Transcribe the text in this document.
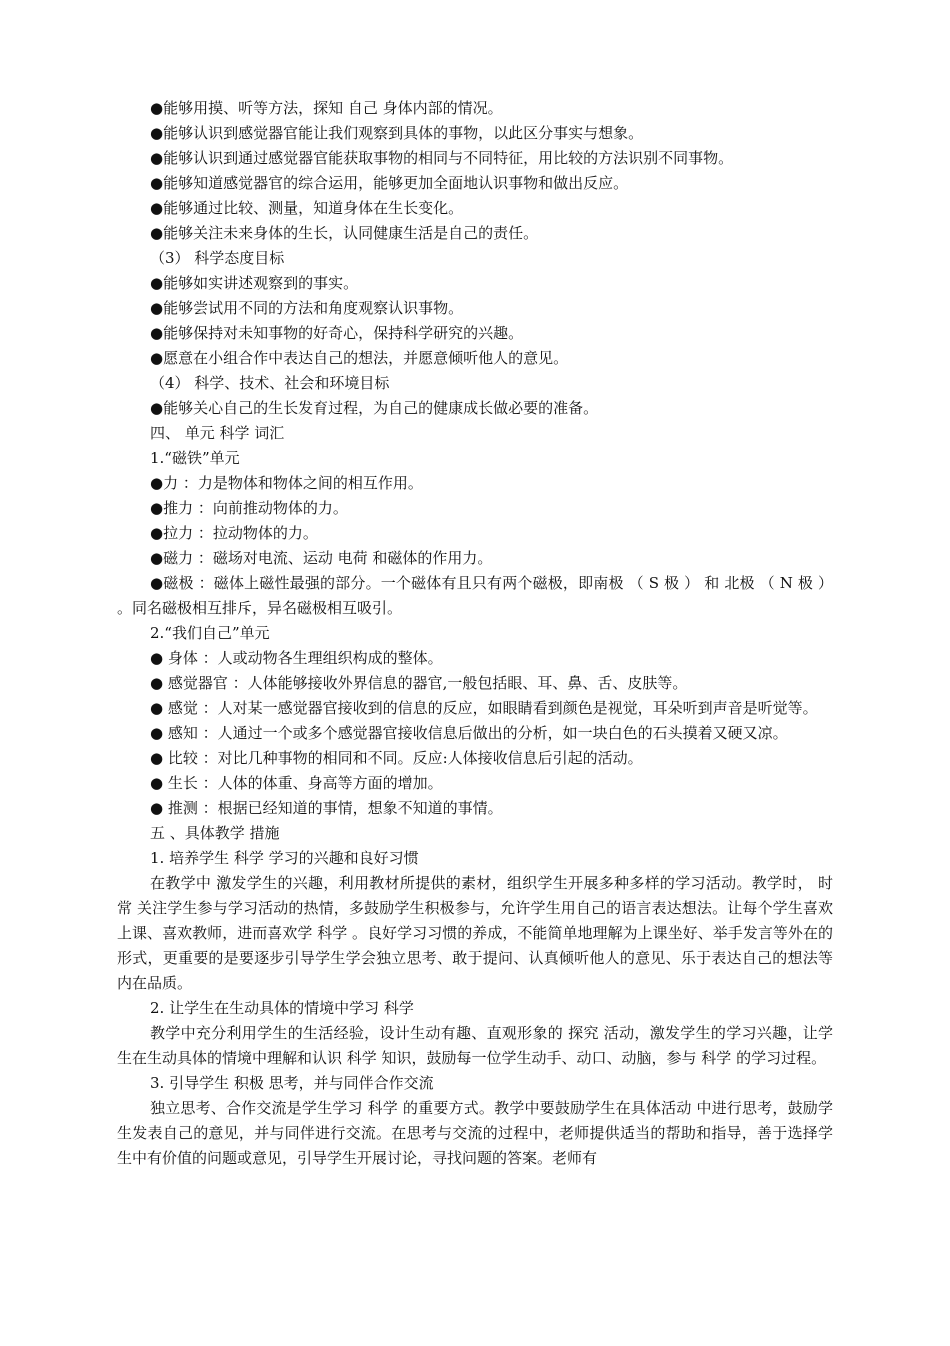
●能够用摸、听等方法，探知 自己 身体内部的情况。

●能够认识到感觉器官能让我们观察到具体的事物，以此区分事实与想象。

●能够认识到通过感觉器官能获取事物的相同与不同特征，用比较的方法识别不同事物。

●能够知道感觉器官的综合运用，能够更加全面地认识事物和做出反应。

●能够通过比较、测量，知道身体在生长变化。

●能够关注未来身体的生长，认同健康生活是自己的责任。

（3） 科学态度目标

●能够如实讲述观察到的事实。

●能够尝试用不同的方法和角度观察认识事物。

●能够保持对未知事物的好奇心，保持科学研究的兴趣。

●愿意在小组合作中表达自己的想法，并愿意倾听他人的意见。

（4） 科学、技术、社会和环境目标

●能够关心自己的生长发育过程，为自己的健康成长做必要的准备。

四、 单元 科学 词汇

1.“磁铁”单元

●力 ：力是物体和物体之间的相互作用。

●推力 ：向前推动物体的力。

●拉力 ：拉动物体的力。

●磁力 ：磁场对电流、运动 电荷 和磁体的作用力。

●磁极 ：磁体上磁性最强的部分。一个磁体有且只有两个磁极，即南极 （ S 极 ） 和 北极 （ N 极 ） 。同名磁极相互排斥，异名磁极相互吸引。

2.“我们自己”单元

● 身体 ：人或动物各生理组织构成的整体。

● 感觉器官 ：人体能够接收外界信息的器官,一般包括眼、耳、鼻、舌、皮肤等。

● 感觉 ：人对某一感觉器官接收到的信息的反应，如眼睛看到颜色是视觉，耳朵听到声音是听觉等。

● 感知 ：人通过一个或多个感觉器官接收信息后做出的分析，如一块白色的石头摸着又硬又凉。

● 比较 ：对比几种事物的相同和不同。反应:人体接收信息后引起的活动。

● 生长 ：人体的体重、身高等方面的增加。

● 推测 ：根据已经知道的事情，想象不知道的事情。

五 、具体教学 措施

1. 培养学生 科学 学习的兴趣和良好习惯

在教学中 激发学生的兴趣，利用教材所提供的素材，组织学生开展多种多样的学习活动。教学时， 时常 关注学生参与学习活动的热情，多鼓励学生积极参与，允许学生用自己的语言表达想法。让每个学生喜欢上课、喜欢教师，进而喜欢学 科学 。良好学习习惯的养成，不能简单地理解为上课坐好、举手发言等外在的形式，更重要的是要逐步引导学生学会独立思考、敢于提问、认真倾听他人的意见、乐于表达自己的想法等内在品质。

2. 让学生在生动具体的情境中学习 科学

教学中充分利用学生的生活经验，设计生动有趣、直观形象的 探究 活动，激发学生的学习兴趣，让学生在生动具体的情境中理解和认识 科学 知识，鼓励每一位学生动手、动口、动脑，参与 科学 的学习过程。

3. 引导学生 积极 思考，并与同伴合作交流

独立思考、合作交流是学生学习 科学 的重要方式。教学中要鼓励学生在具体活动 中进行思考，鼓励学生发表自己的意见，并与同伴进行交流。在思考与交流的过程中，老师提供适当的帮助和指导，善于选择学生中有价值的问题或意见，引导学生开展讨论，寻找问题的答案。老师有
